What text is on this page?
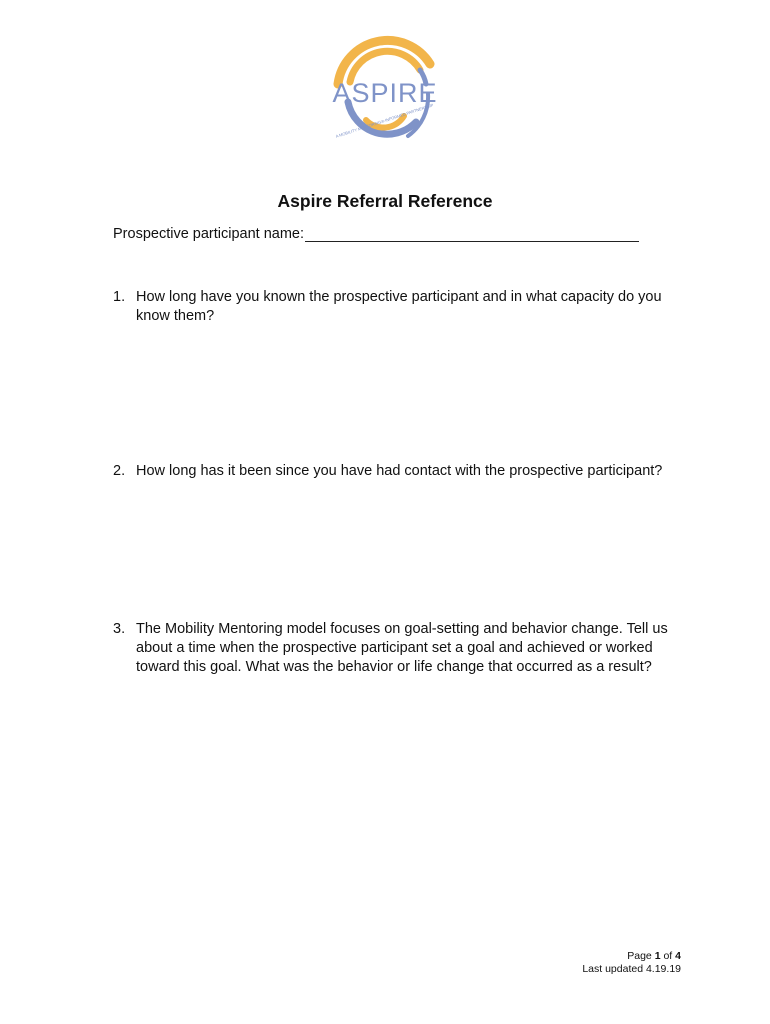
ASPIRE
A MOBILITY MENTORING®-INFORMED PARTNERSHIP
Aspire Referral Reference
Prospective participant name:
1. How long have you known the prospective participant and in what capacity do you know them?
2. How long has it been since you have had contact with the prospective participant?
3. The Mobility Mentoring model focuses on goal-setting and behavior change. Tell us about a time when the prospective participant set a goal and achieved or worked toward this goal. What was the behavior or life change that occurred as a result?
Page 1 of 4
Last updated 4.19.19
